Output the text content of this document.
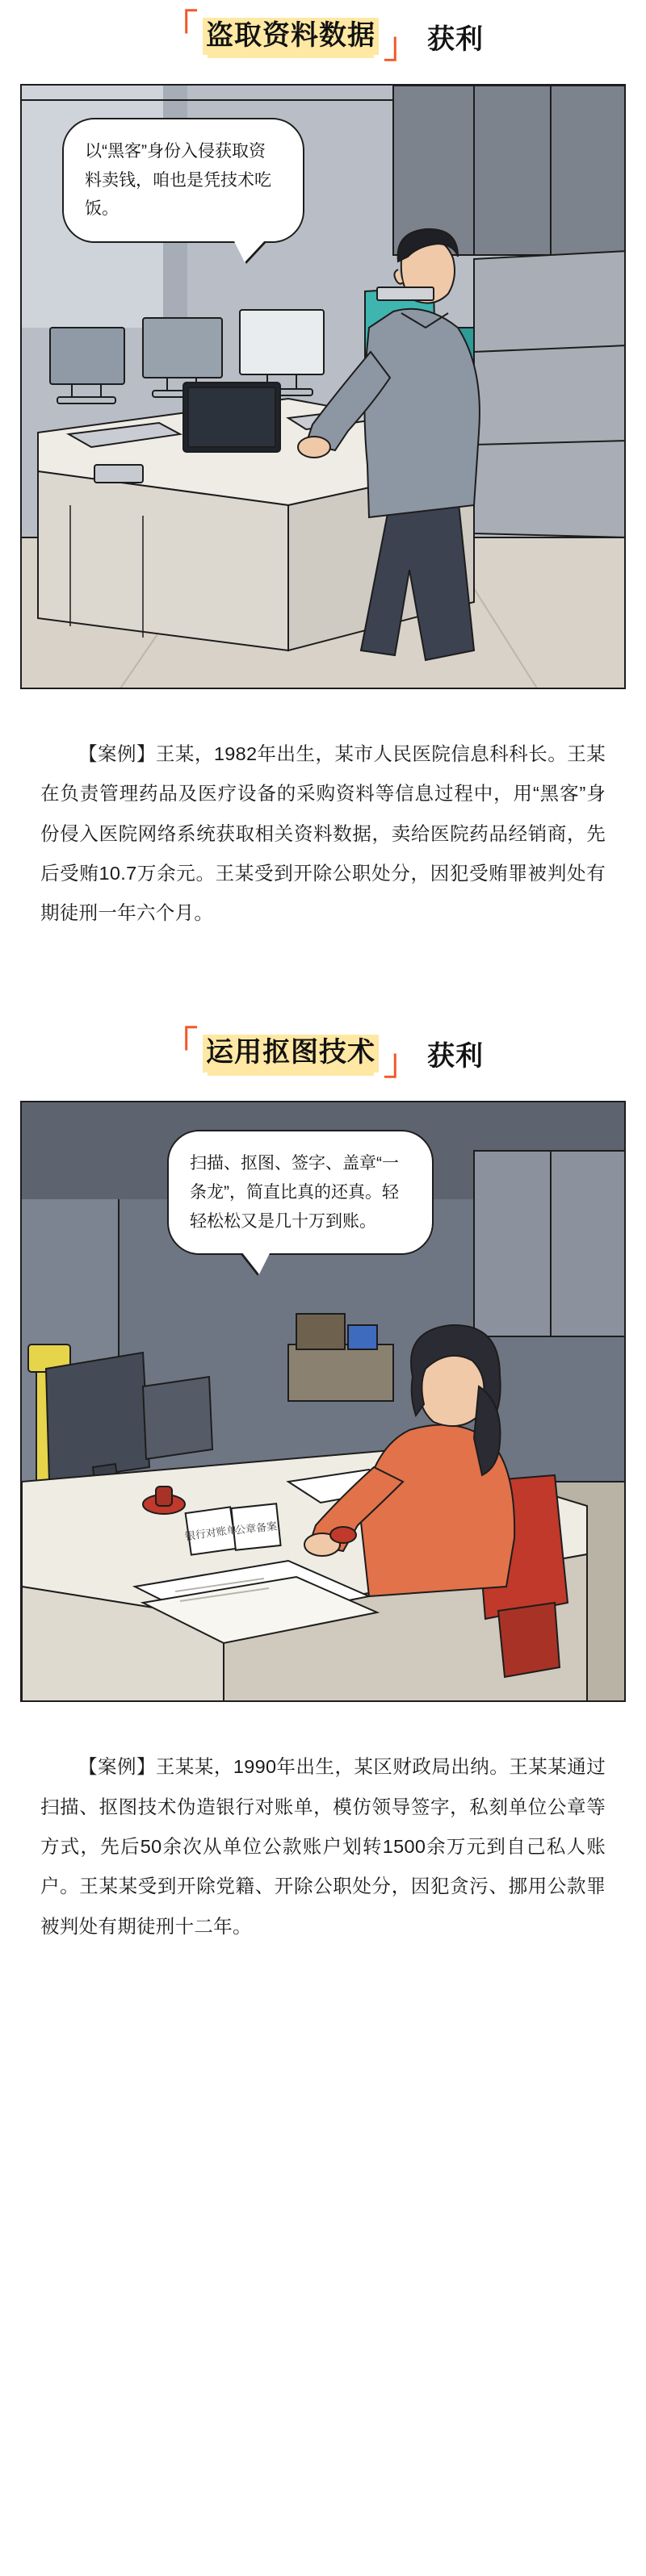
「 盗取资料数据 」 获利
以“黑客”身份入侵获取资料卖钱，咱也是凭技术吃饭。

【案例】王某，1982年出生，某市人民医院信息科科长。王某在负责管理药品及医疗设备的采购资料等信息过程中，用“黑客”身份侵入医院网络系统获取相关资料数据，卖给医院药品经销商，先后受贿10.7万余元。王某受到开除公职处分，因犯受贿罪被判处有期徒刑一年六个月。

「 运用抠图技术 」 获利
银行对账单
公章备案
扫描、抠图、签字、盖章“一条龙”，简直比真的还真。轻轻松松又是几十万到账。

【案例】王某某，1990年出生，某区财政局出纳。王某某通过扫描、抠图技术伪造银行对账单，模仿领导签字，私刻单位公章等方式，先后50余次从单位公款账户划转1500余万元到自己私人账户。王某某受到开除党籍、开除公职处分，因犯贪污、挪用公款罪被判处有期徒刑十二年。
